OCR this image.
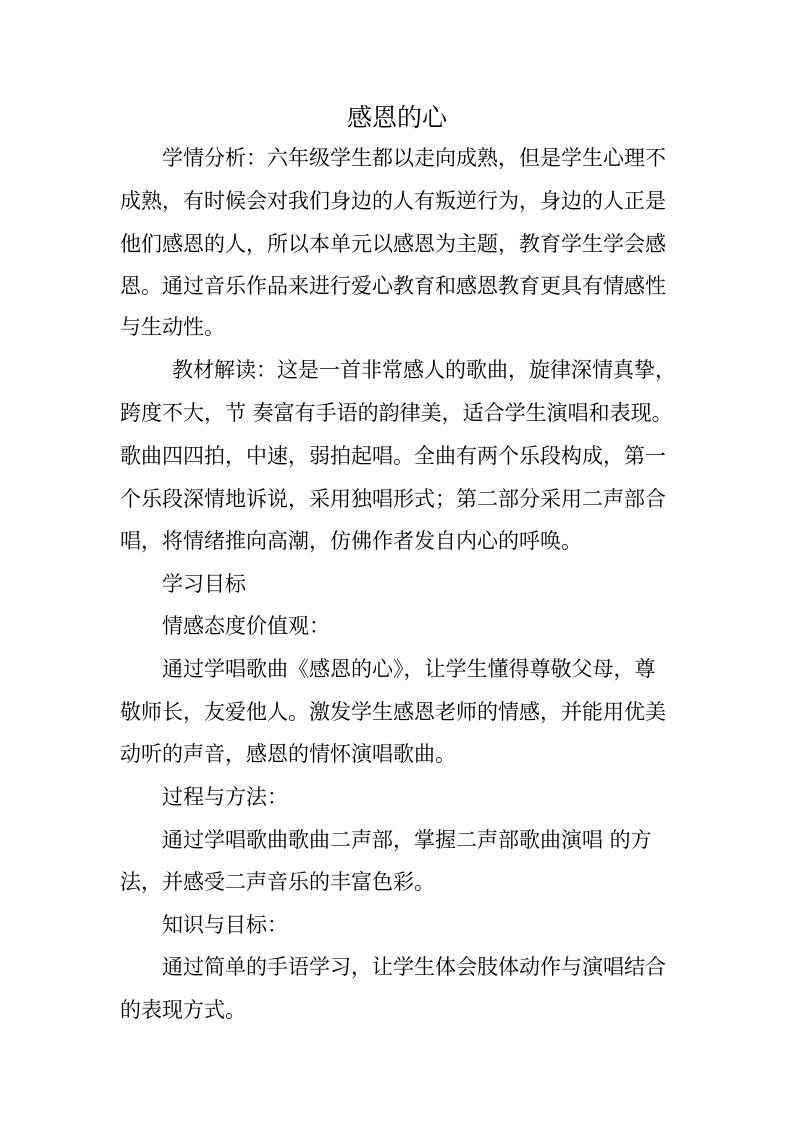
感恩的心
学情分析：六年级学生都以走向成熟，但是学生心理不
成熟，有时候会对我们身边的人有叛逆行为，身边的人正是
他们感恩的人，所以本单元以感恩为主题，教育学生学会感
恩。通过音乐作品来进行爱心教育和感恩教育更具有情感性
与生动性。
教材解读：这是一首非常感人的歌曲，旋律深情真挚，
跨度不大，节 奏富有手语的韵律美，适合学生演唱和表现。
歌曲四四拍，中速，弱拍起唱。全曲有两个乐段构成，第一
个乐段深情地诉说，采用独唱形式；第二部分采用二声部合
唱，将情绪推向高潮，仿佛作者发自内心的呼唤。
学习目标
情感态度价值观：
通过学唱歌曲《感恩的心》，让学生懂得尊敬父母，尊
敬师长，友爱他人。激发学生感恩老师的情感，并能用优美
动听的声音，感恩的情怀演唱歌曲。
过程与方法：
通过学唱歌曲歌曲二声部，掌握二声部歌曲演唱 的方
法，并感受二声音乐的丰富色彩。
知识与目标：
通过简单的手语学习，让学生体会肢体动作与演唱结合
的表现方式。
